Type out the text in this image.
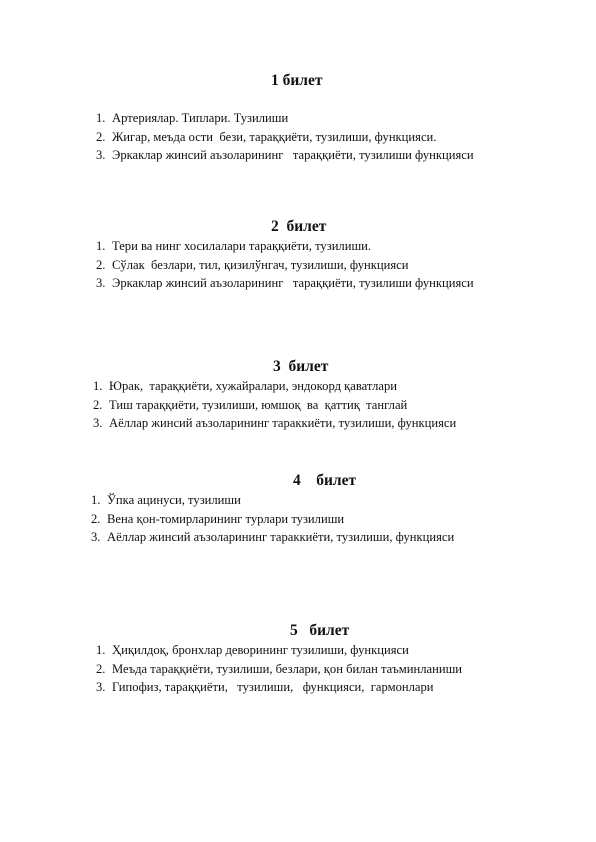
1 билет
1. Артериялар. Типлари. Тузилиши
2. Жигар, меъда ости  бези, тараққиёти, тузилиши, функцияси.
3. Эркаклар жинсий аъзоларининг   тараққиёти, тузилиши функцияси
2  билет
1. Тери ва нинг хосилалари тараққиёти, тузилиши.
2. Сўлак  безлари, тил, қизилўнгач, тузилиши, функцияси
3. Эркаклар жинсий аъзоларининг   тараққиёти, тузилиши функцияси
3  билет
1. Юрак,  тараққиёти, хужайралари, эндокорд қаватлари
2. Тиш тараққиёти, тузилиши, юмшоқ  ва  қаттиқ  танглай
3. Аёллар жинсий аъзоларининг тараккиёти, тузилиши, функцияси
4    билет
1. Ўпка ацинуси, тузилиши
2. Вена қон-томирларининг турлари тузилиши
3. Аёллар жинсий аъзоларининг тараккиёти, тузилиши, функцияси
5   билет
1. Ҳиқилдоқ, бронхлар деворининг тузилиши, функцияси
2. Меъда тараққиёти, тузилиши, безлари, қон билан таъминланиши
3. Гипофиз, тараққиёти,   тузилиши,   функцияси,  гармонлари
